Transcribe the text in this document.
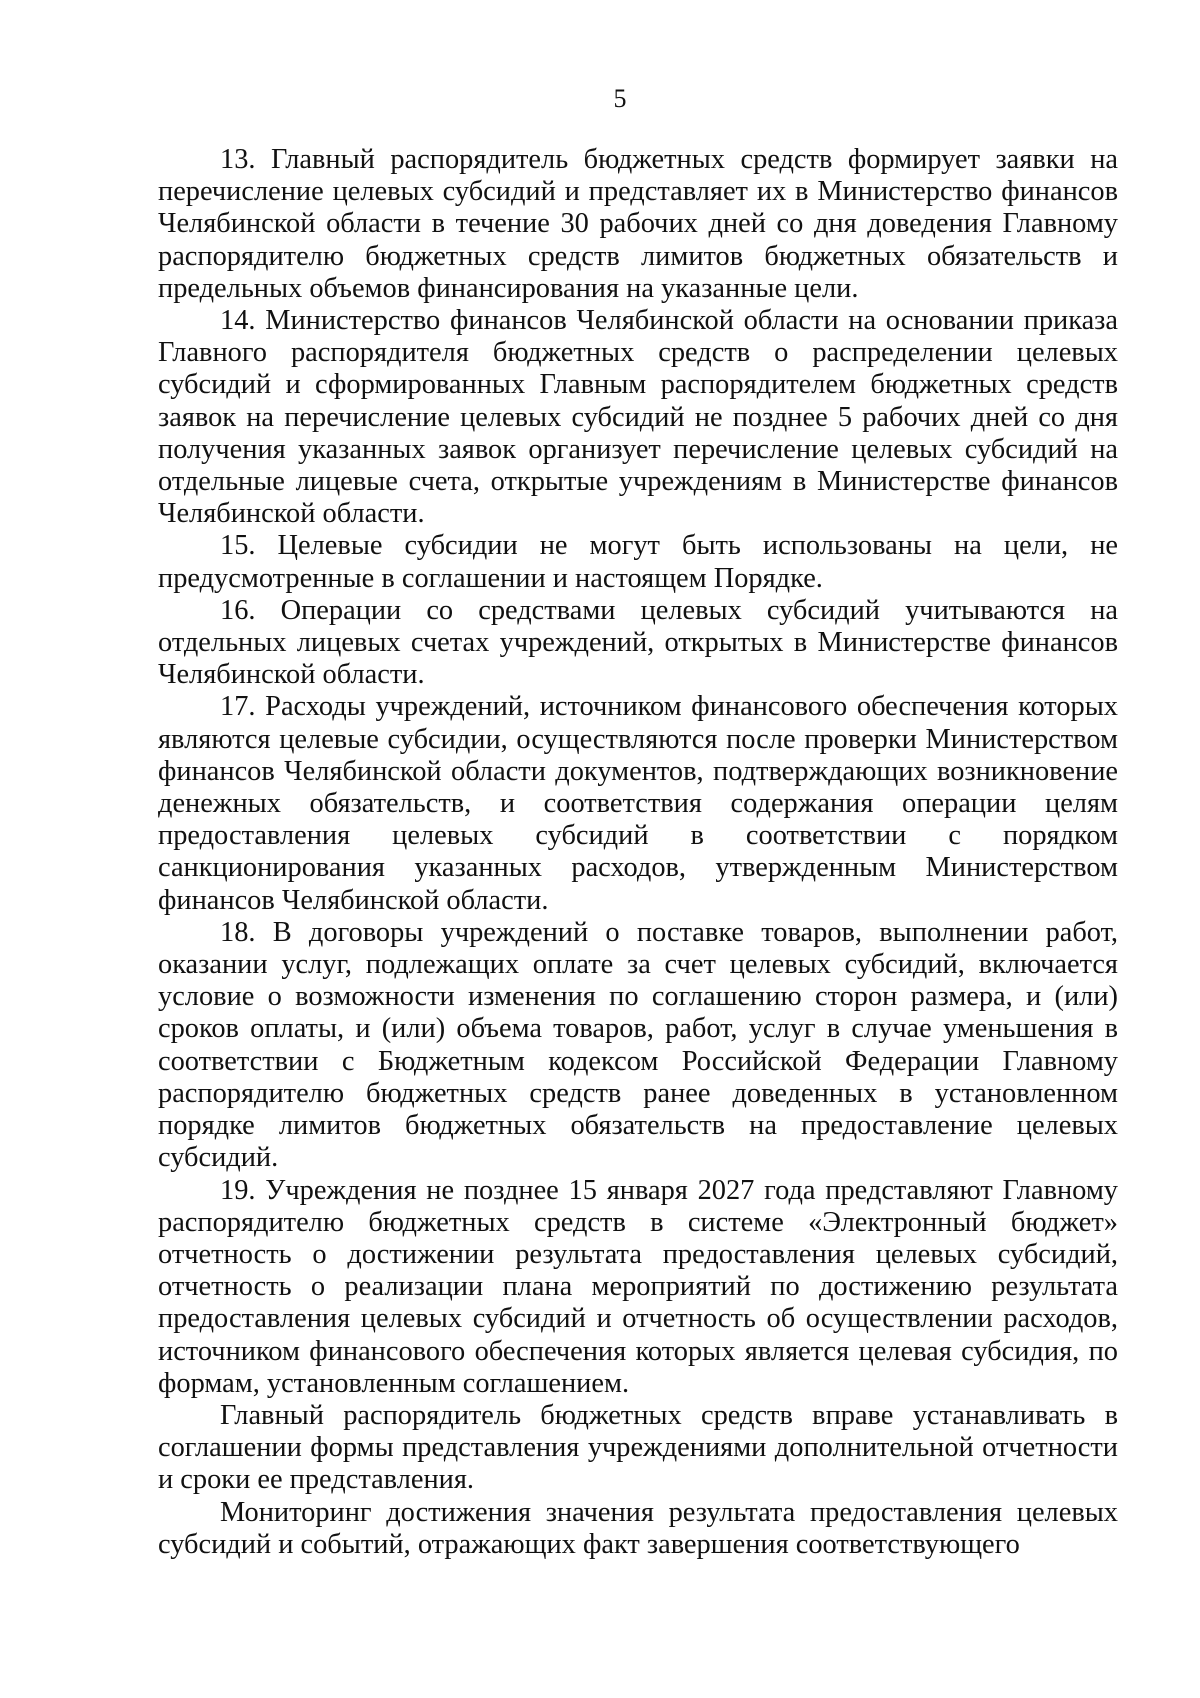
5

13. Главный распорядитель бюджетных средств формирует заявки на перечисление целевых субсидий и представляет их в Министерство финансов Челябинской области в течение 30 рабочих дней со дня доведения Главному распорядителю бюджетных средств лимитов бюджетных обязательств и предельных объемов финансирования на указанные цели.

14. Министерство финансов Челябинской области на основании приказа Главного распорядителя бюджетных средств о распределении целевых субсидий и сформированных Главным распорядителем бюджетных средств заявок на перечисление целевых субсидий не позднее 5 рабочих дней со дня получения указанных заявок организует перечисление целевых субсидий на отдельные лицевые счета, открытые учреждениям в Министерстве финансов Челябинской области.

15. Целевые субсидии не могут быть использованы на цели, не предусмотренные в соглашении и настоящем Порядке.

16. Операции со средствами целевых субсидий учитываются на отдельных лицевых счетах учреждений, открытых в Министерстве финансов Челябинской области.

17. Расходы учреждений, источником финансового обеспечения которых являются целевые субсидии, осуществляются после проверки Министерством финансов Челябинской области документов, подтверждающих возникновение денежных обязательств, и соответствия содержания операции целям предоставления целевых субсидий в соответствии с порядком санкционирования указанных расходов, утвержденным Министерством финансов Челябинской области.

18. В договоры учреждений о поставке товаров, выполнении работ, оказании услуг, подлежащих оплате за счет целевых субсидий, включается условие о возможности изменения по соглашению сторон размера, и (или) сроков оплаты, и (или) объема товаров, работ, услуг в случае уменьшения в соответствии с Бюджетным кодексом Российской Федерации Главному распорядителю бюджетных средств ранее доведенных в установленном порядке лимитов бюджетных обязательств на предоставление целевых субсидий.

19. Учреждения не позднее 15 января 2027 года представляют Главному распорядителю бюджетных средств в системе «Электронный бюджет» отчетность о достижении результата предоставления целевых субсидий, отчетность о реализации плана мероприятий по достижению результата предоставления целевых субсидий и отчетность об осуществлении расходов, источником финансового обеспечения которых является целевая субсидия, по формам, установленным соглашением.

Главный распорядитель бюджетных средств вправе устанавливать в соглашении формы представления учреждениями дополнительной отчетности и сроки ее представления.

Мониторинг достижения значения результата предоставления целевых субсидий и событий, отражающих факт завершения соответствующего
